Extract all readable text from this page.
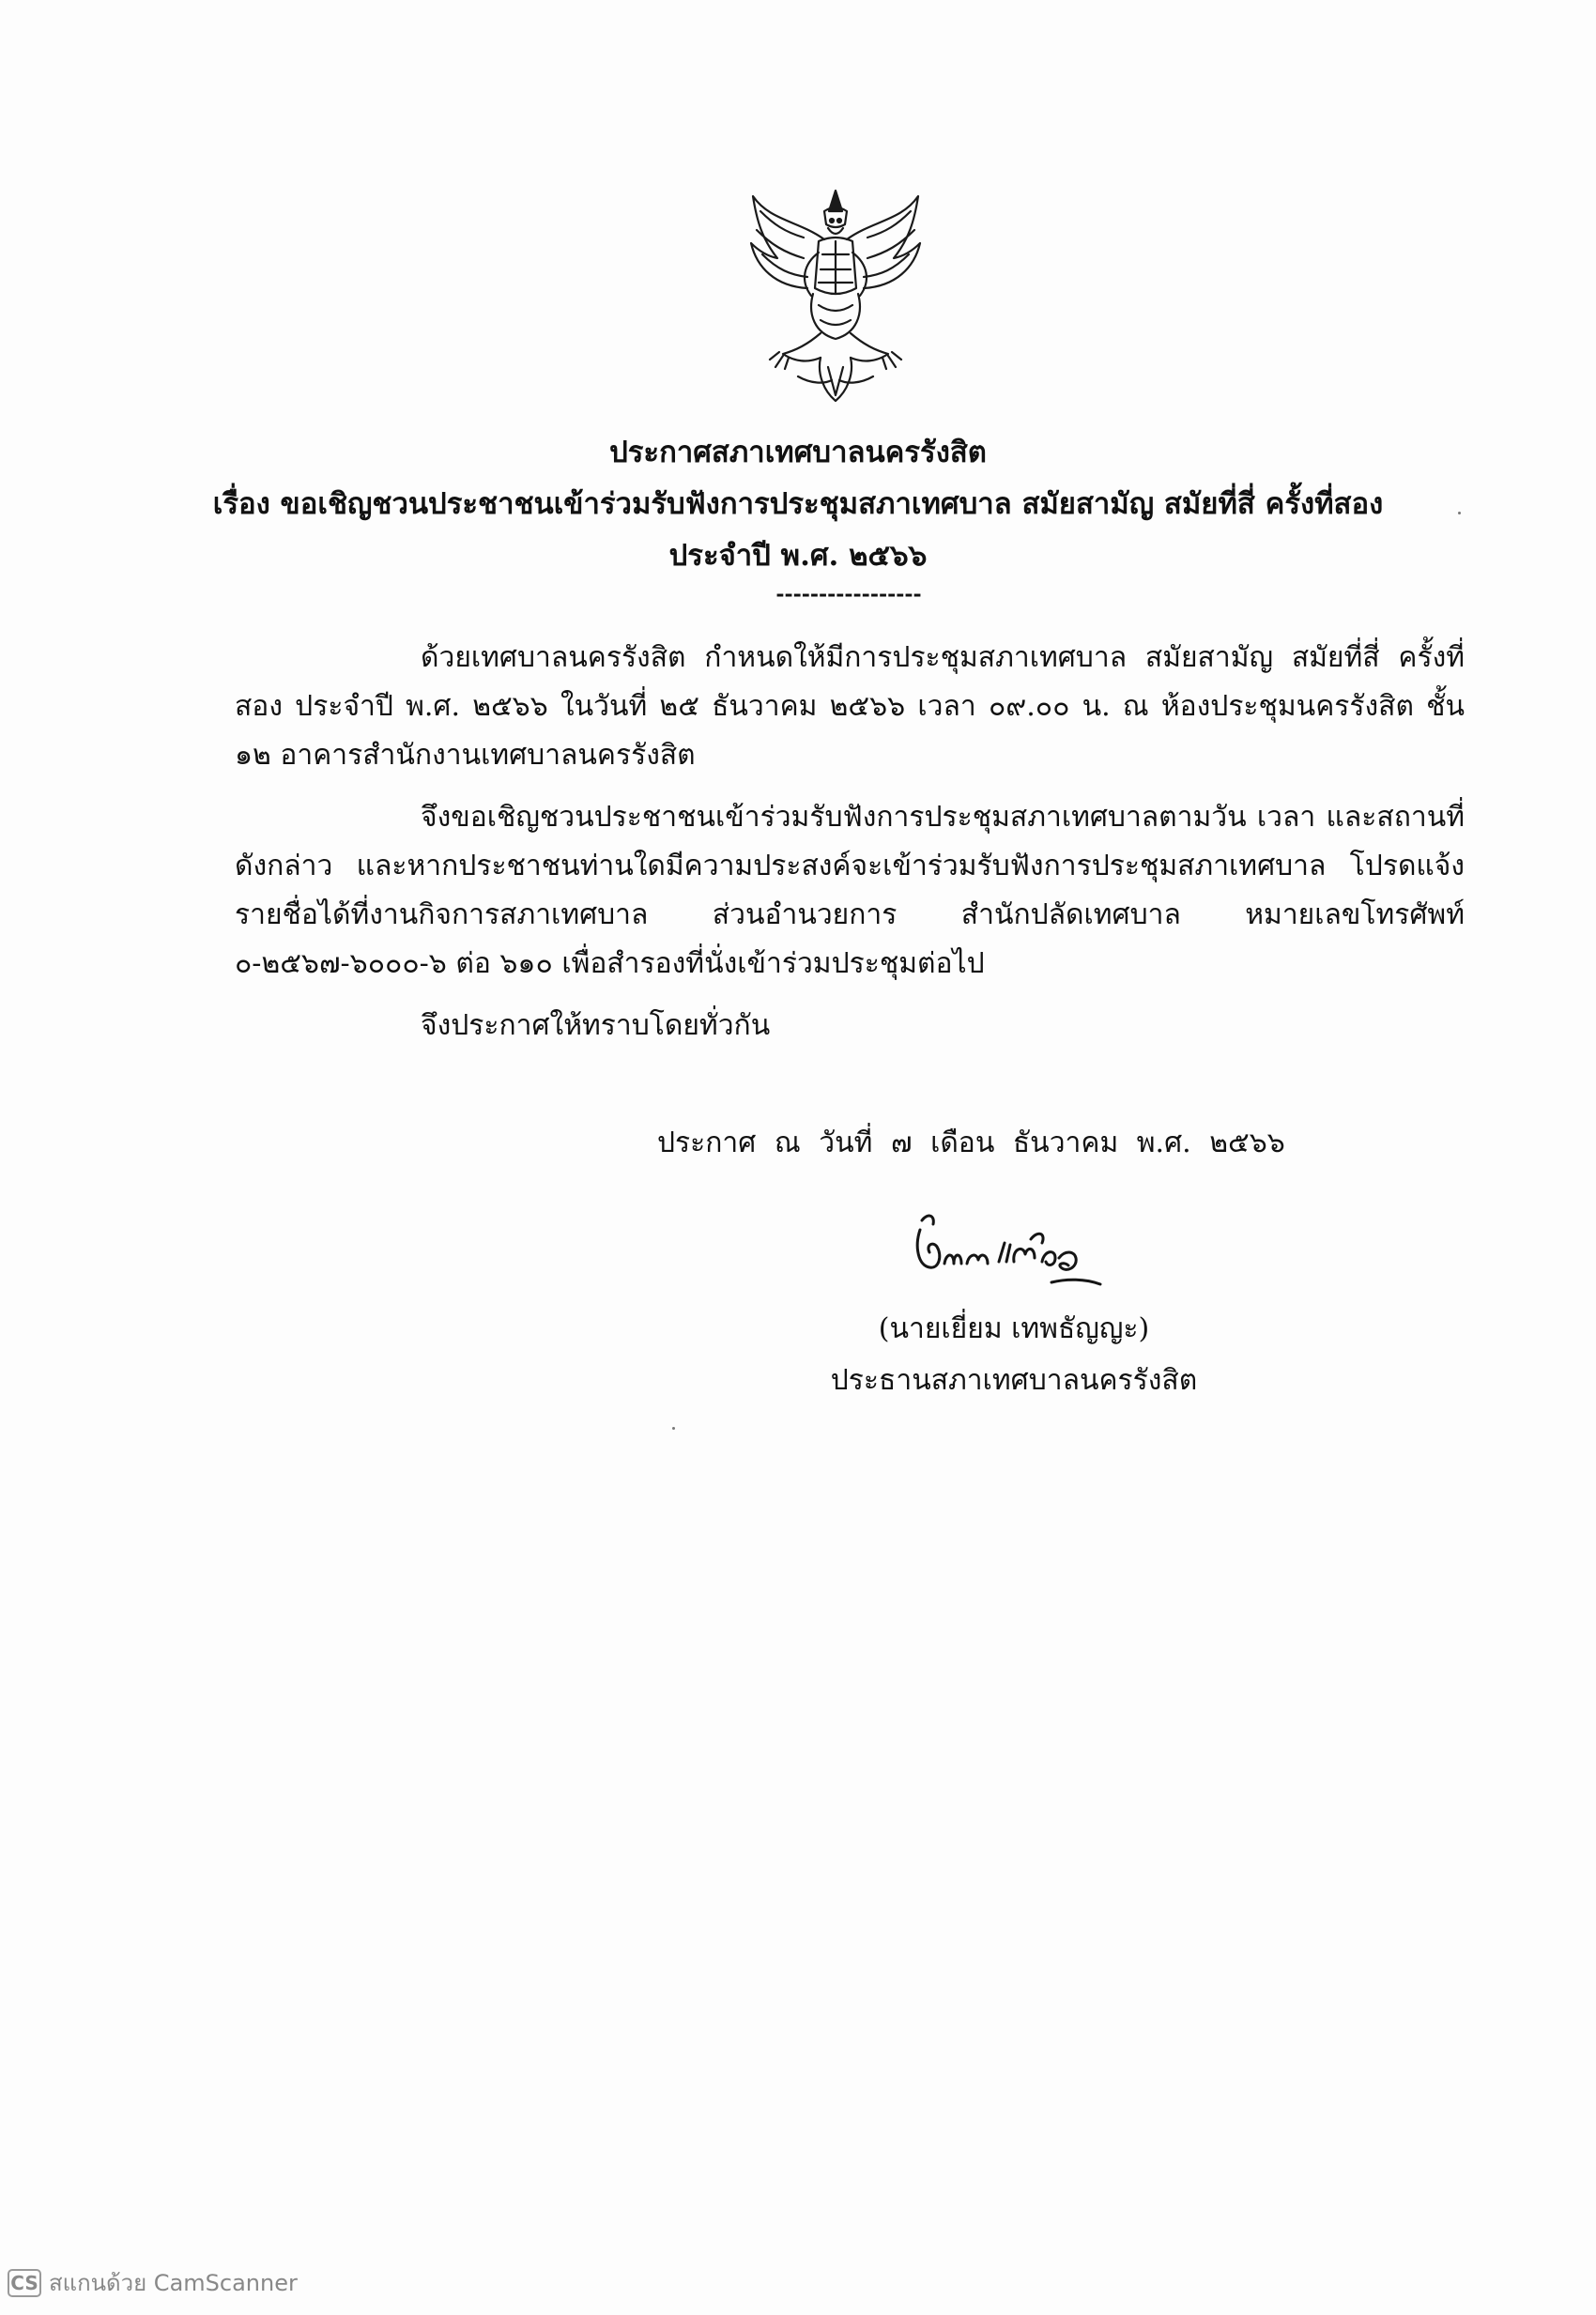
ประกาศสภาเทศบาลนครรังสิต
เรื่อง ขอเชิญชวนประชาชนเข้าร่วมรับฟังการประชุมสภาเทศบาล สมัยสามัญ สมัยที่สี่ ครั้งที่สอง
ประจำปี พ.ศ. ๒๕๖๖
-----------------

ด้วยเทศบาลนครรังสิต กำหนดให้มีการประชุมสภาเทศบาล สมัยสามัญ สมัยที่สี่ ครั้งที่สอง ประจำปี พ.ศ. ๒๕๖๖ ในวันที่ ๒๕ ธันวาคม ๒๕๖๖ เวลา ๐๙.๐๐ น. ณ ห้องประชุมนครรังสิต ชั้น ๑๒ อาคารสำนักงานเทศบาลนครรังสิต

จึงขอเชิญชวนประชาชนเข้าร่วมรับฟังการประชุมสภาเทศบาลตามวัน เวลา และสถานที่ดังกล่าว และหากประชาชนท่านใดมีความประสงค์จะเข้าร่วมรับฟังการประชุมสภาเทศบาล โปรดแจ้งรายชื่อได้ที่งานกิจการสภาเทศบาล ส่วนอำนวยการ สำนักปลัดเทศบาล หมายเลขโทรศัพท์ ๐-๒๕๖๗-๖๐๐๐-๖ ต่อ ๖๑๐ เพื่อสำรองที่นั่งเข้าร่วมประชุมต่อไป

จึงประกาศให้ทราบโดยทั่วกัน

ประกาศ ณ วันที่ ๗ เดือน ธันวาคม พ.ศ. ๒๕๖๖
(นายเยี่ยม เทพธัญญะ)
ประธานสภาเทศบาลนครรังสิต
CS สแกนด้วย CamScanner
